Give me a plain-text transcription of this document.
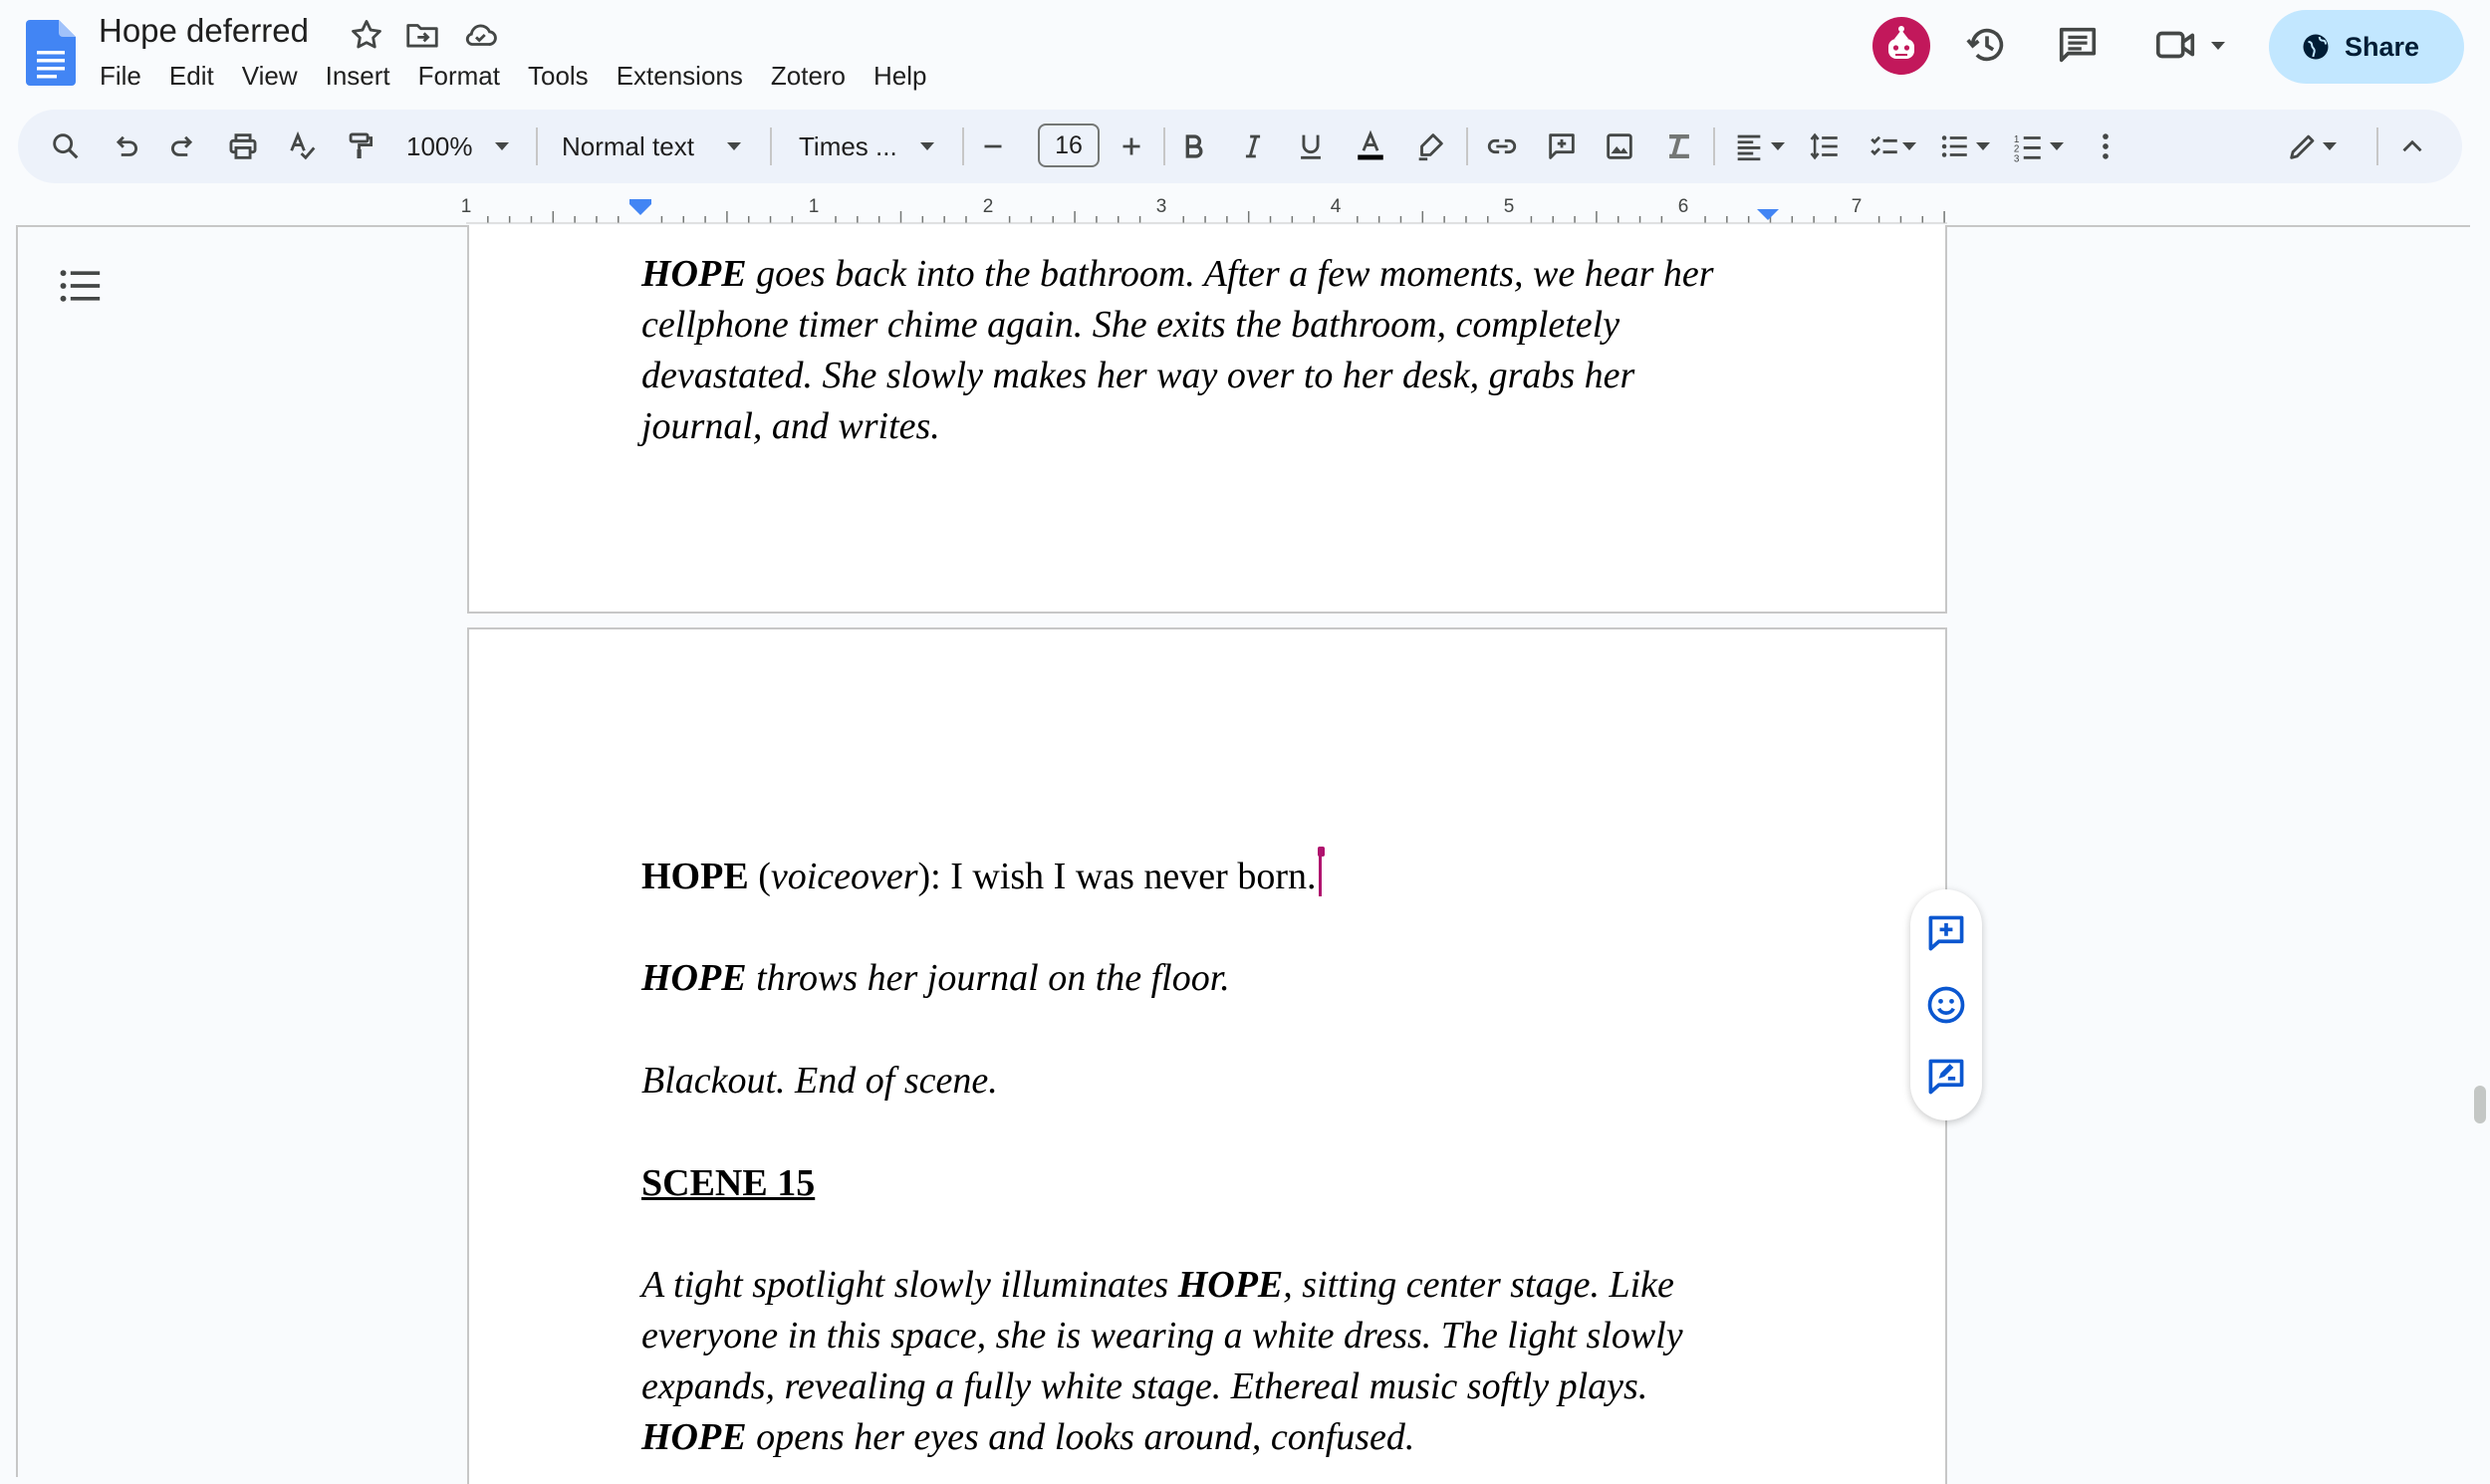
Hope deferred
File	Edit	View	Insert	Format	Tools	Extensions	Zotero	Help
Share
100%	Normal text	Times ...	16	1
2
3
1	1	2	3	4	5	6	7
HOPE goes back into the bathroom. After a few moments, we hear her
cellphone timer chime again. She exits the bathroom, completely
devastated. She slowly makes her way over to her desk, grabs her
journal, and writes.
HOPE (voiceover): I wish I was never born.
HOPE throws her journal on the floor.
Blackout. End of scene.
SCENE 15
A tight spotlight slowly illuminates HOPE, sitting center stage. Like
everyone in this space, she is wearing a white dress. The light slowly
expands, revealing a fully white stage. Ethereal music softly plays.
HOPE opens her eyes and looks around, confused.
